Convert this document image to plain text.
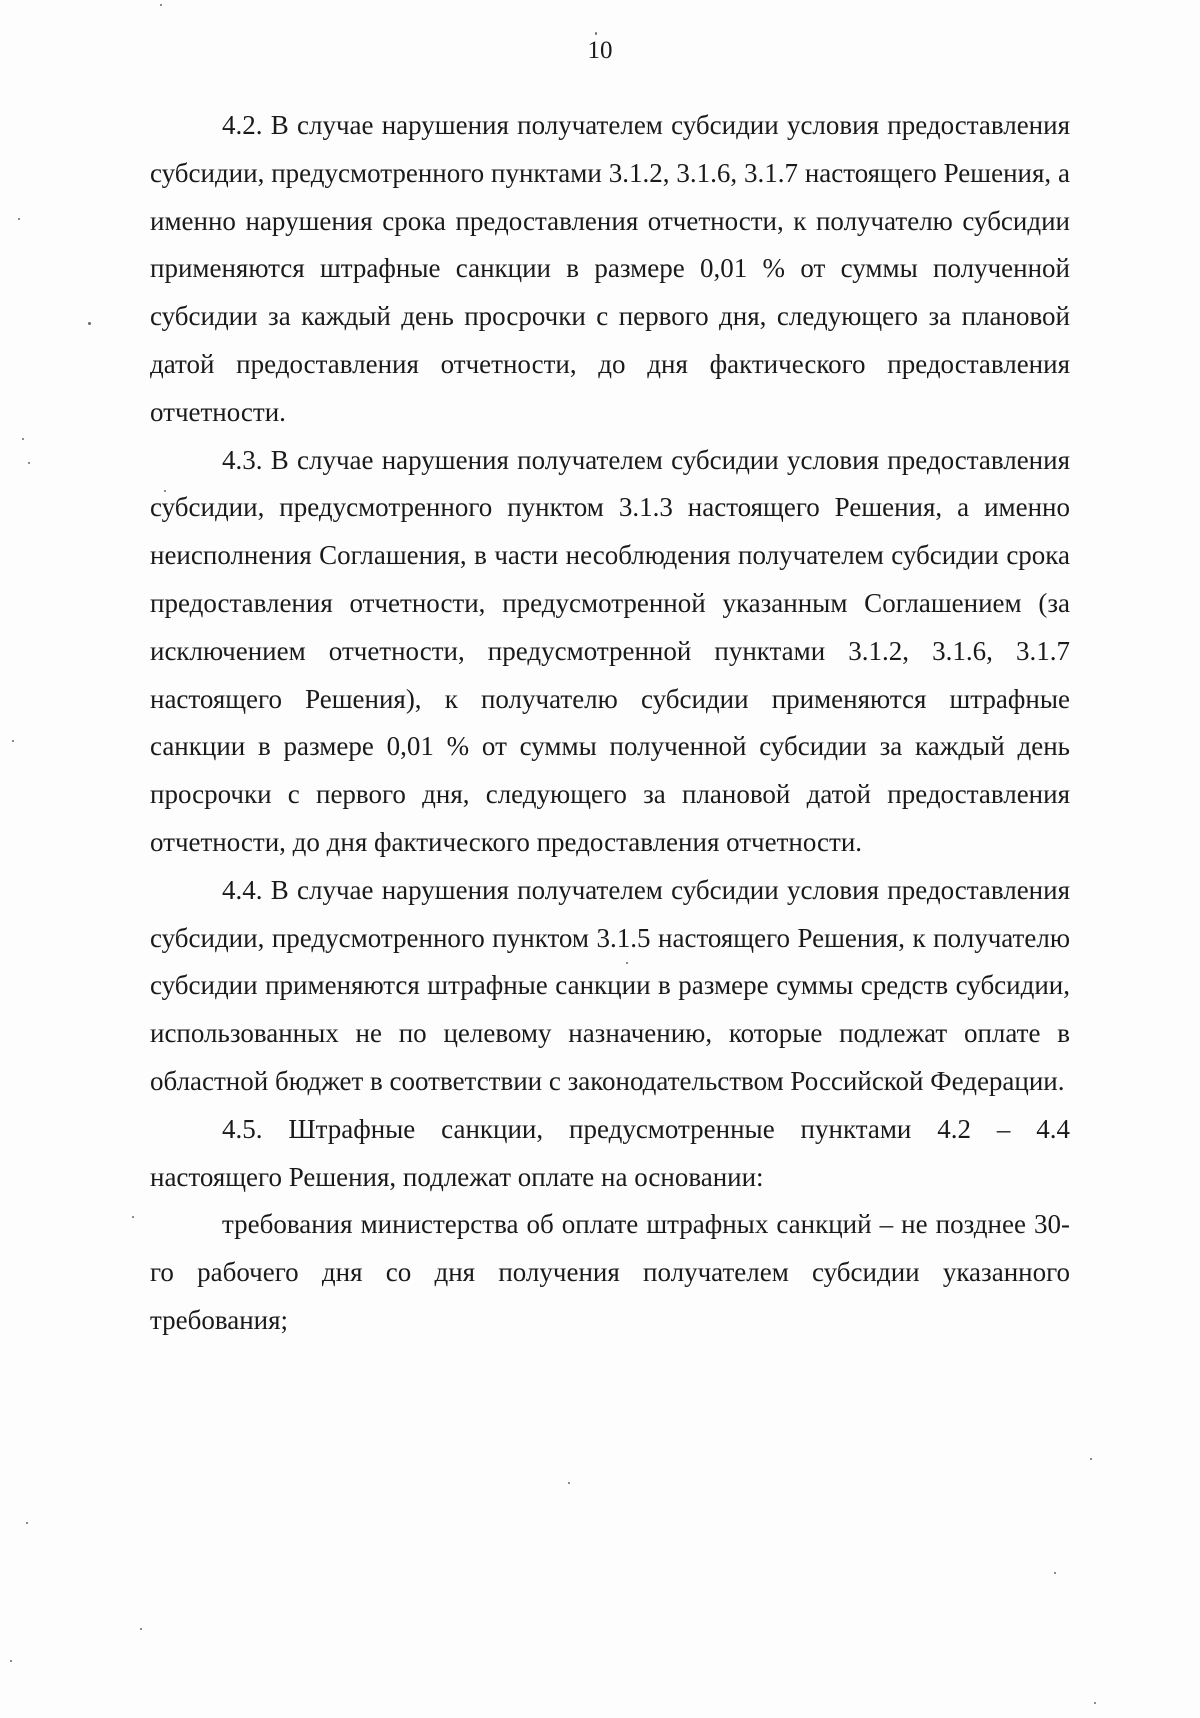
10

4.2. В случае нарушения получателем субсидии условия предоставления субсидии, предусмотренного пунктами 3.1.2, 3.1.6, 3.1.7 настоящего Решения, а именно нарушения срока предоставления отчетности, к получателю субсидии применяются штрафные санкции в размере 0,01 % от суммы полученной субсидии за каждый день просрочки с первого дня, следующего за плановой датой предоставления отчетности, до дня фактического предоставления отчетности.

4.3. В случае нарушения получателем субсидии условия предоставления субсидии, предусмотренного пунктом 3.1.3 настоящего Решения, а именно неисполнения Соглашения, в части несоблюдения получателем субсидии срока предоставления отчетности, предусмотренной указанным Соглашением (за исключением отчетности, предусмотренной пунктами 3.1.2, 3.1.6, 3.1.7 настоящего Решения), к получателю субсидии применяются штрафные санкции в размере 0,01 % от суммы полученной субсидии за каждый день просрочки с первого дня, следующего за плановой датой предоставления отчетности, до дня фактического предоставления отчетности.

4.4. В случае нарушения получателем субсидии условия предоставления субсидии, предусмотренного пунктом 3.1.5 настоящего Решения, к получателю субсидии применяются штрафные санкции в размере суммы средств субсидии, использованных не по целевому назначению, которые подлежат оплате в областной бюджет в соответствии с законодательством Российской Федерации.

4.5. Штрафные санкции, предусмотренные пунктами 4.2 – 4.4 настоящего Решения, подлежат оплате на основании:

требования министерства об оплате штрафных санкций – не позднее 30-го рабочего дня со дня получения получателем субсидии указанного требования;
